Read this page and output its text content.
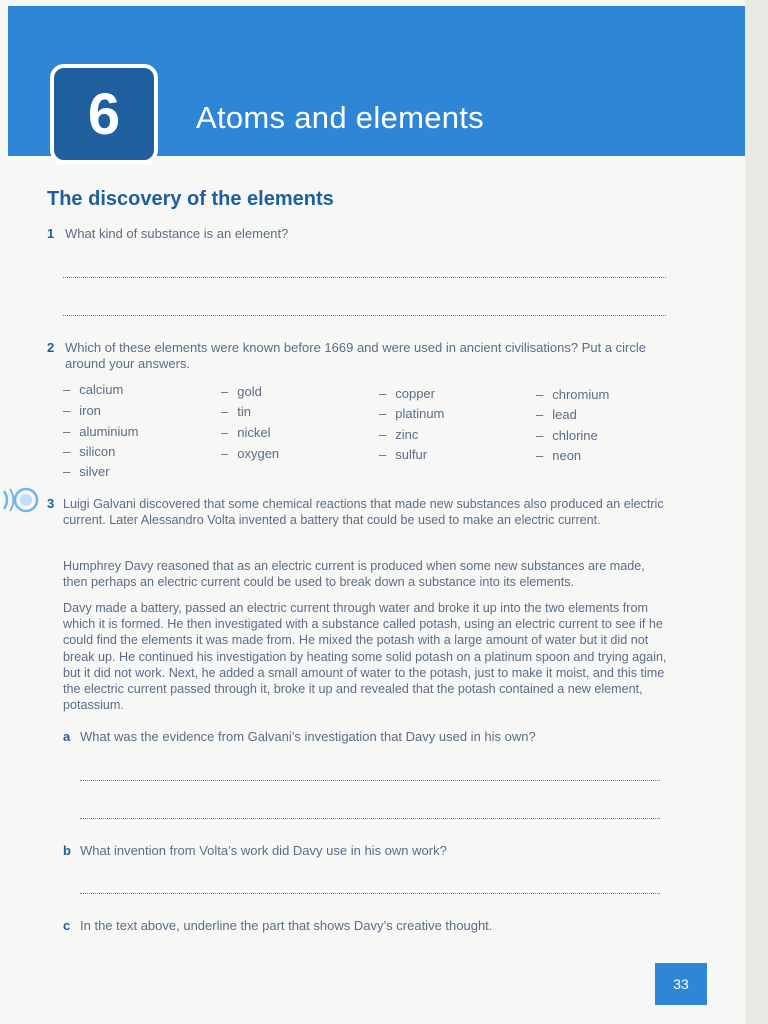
6 Atoms and elements
The discovery of the elements
1 What kind of substance is an element?
2 Which of these elements were known before 1669 and were used in ancient civilisations? Put a circle around your answers.
– calcium
– iron
– aluminium
– silicon
– silver
– gold
– tin
– nickel
– oxygen
– copper
– platinum
– zinc
– sulfur
– chromium
– lead
– chlorine
– neon
3 Luigi Galvani discovered that some chemical reactions that made new substances also produced an electric current. Later Alessandro Volta invented a battery that could be used to make an electric current.

Humphrey Davy reasoned that as an electric current is produced when some new substances are made, then perhaps an electric current could be used to break down a substance into its elements.

Davy made a battery, passed an electric current through water and broke it up into the two elements from which it is formed. He then investigated with a substance called potash, using an electric current to see if he could find the elements it was made from. He mixed the potash with a large amount of water but it did not break up. He continued his investigation by heating some solid potash on a platinum spoon and trying again, but it did not work. Next, he added a small amount of water to the potash, just to make it moist, and this time the electric current passed through it, broke it up and revealed that the potash contained a new element, potassium.

a What was the evidence from Galvani’s investigation that Davy used in his own?
b What invention from Volta’s work did Davy use in his own work?
c In the text above, underline the part that shows Davy’s creative thought.
33
